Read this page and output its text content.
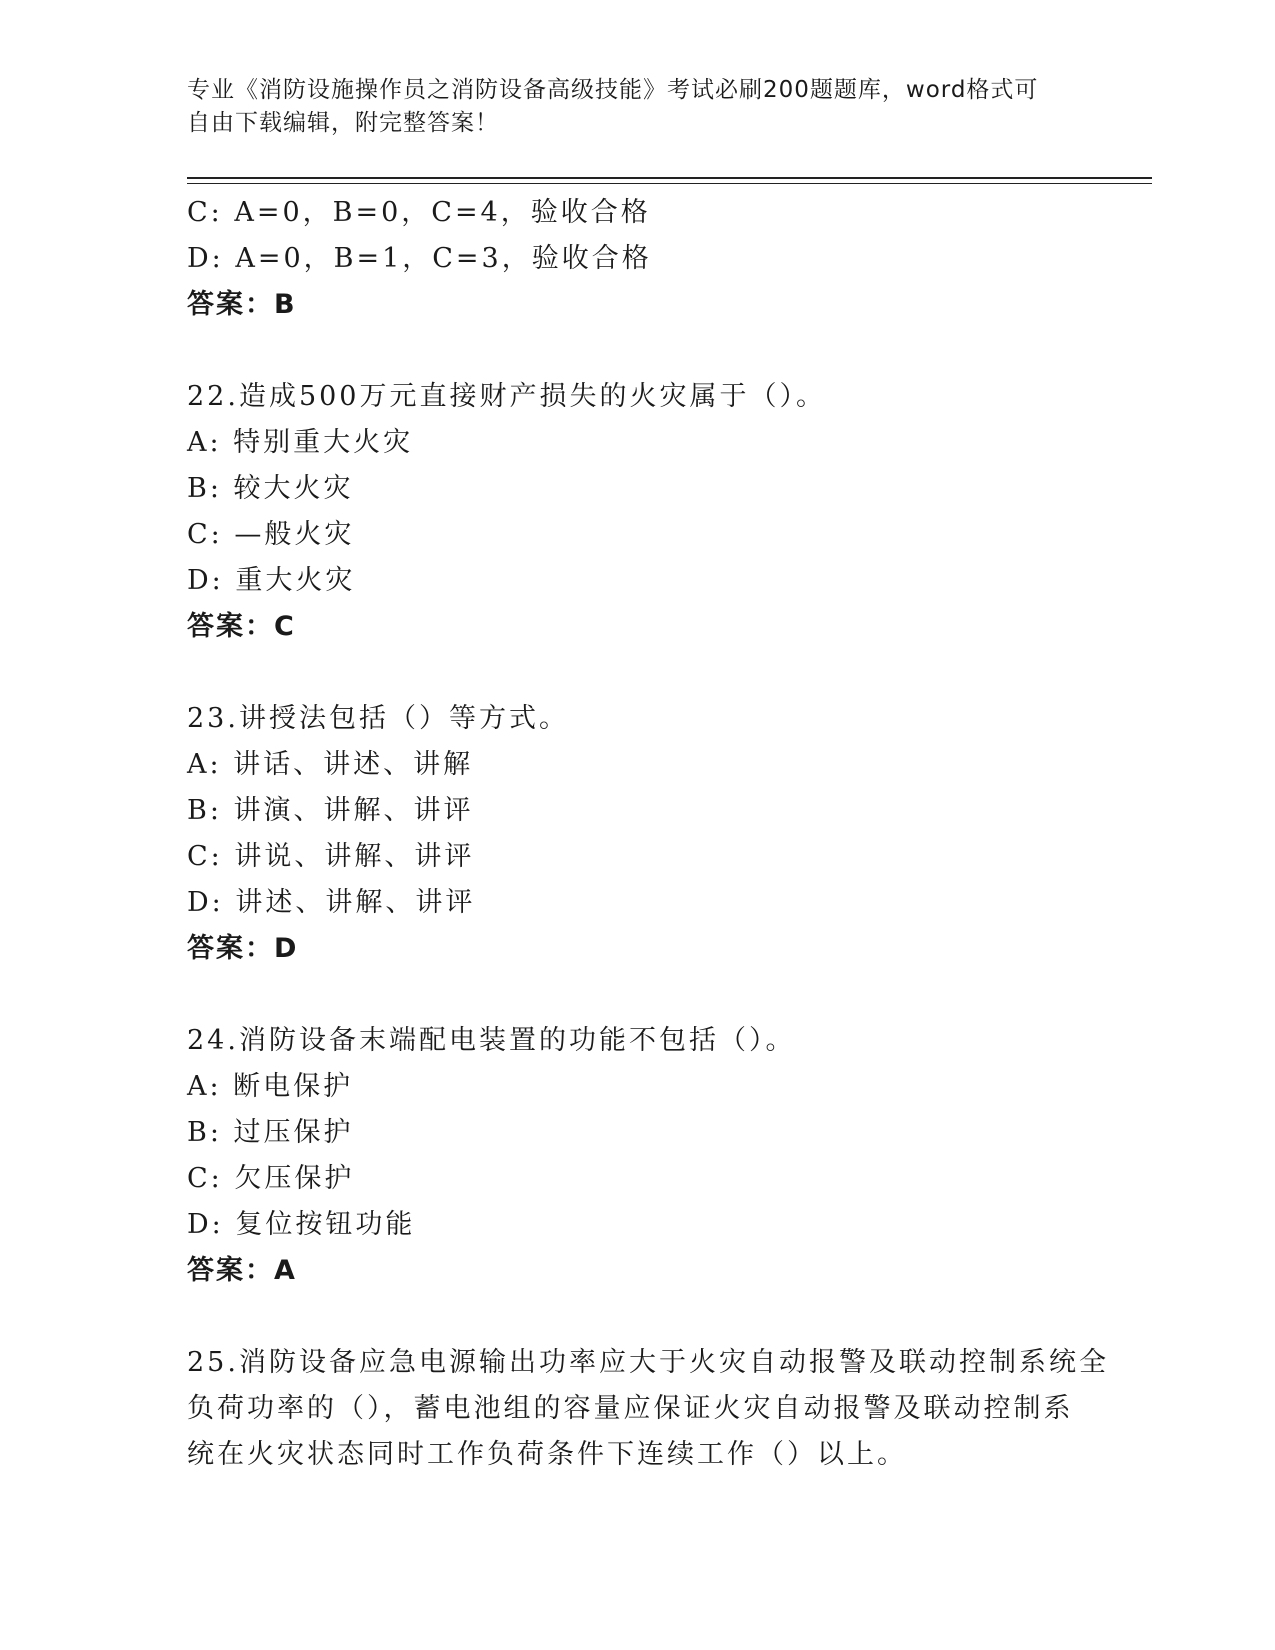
专业《消防设施操作员之消防设备高级技能》考试必刷200题题库，word格式可
自由下载编辑，附完整答案！
C: A=0，B=0，C=4，验收合格
D: A=0，B=1，C=3，验收合格
答案：B
22.造成500万元直接财产损失的火灾属于（）。
A: 特别重大火灾
B: 较大火灾
C: —般火灾
D: 重大火灾
答案：C
23.讲授法包括（）等方式。
A: 讲话、讲述、讲解
B: 讲演、讲解、讲评
C: 讲说、讲解、讲评
D: 讲述、讲解、讲评
答案：D
24.消防设备末端配电装置的功能不包括（）。
A: 断电保护
B: 过压保护
C: 欠压保护
D: 复位按钮功能
答案：A
25.消防设备应急电源输出功率应大于火灾自动报警及联动控制系统全
负荷功率的（），蓄电池组的容量应保证火灾自动报警及联动控制系
统在火灾状态同时工作负荷条件下连续工作（）以上。
